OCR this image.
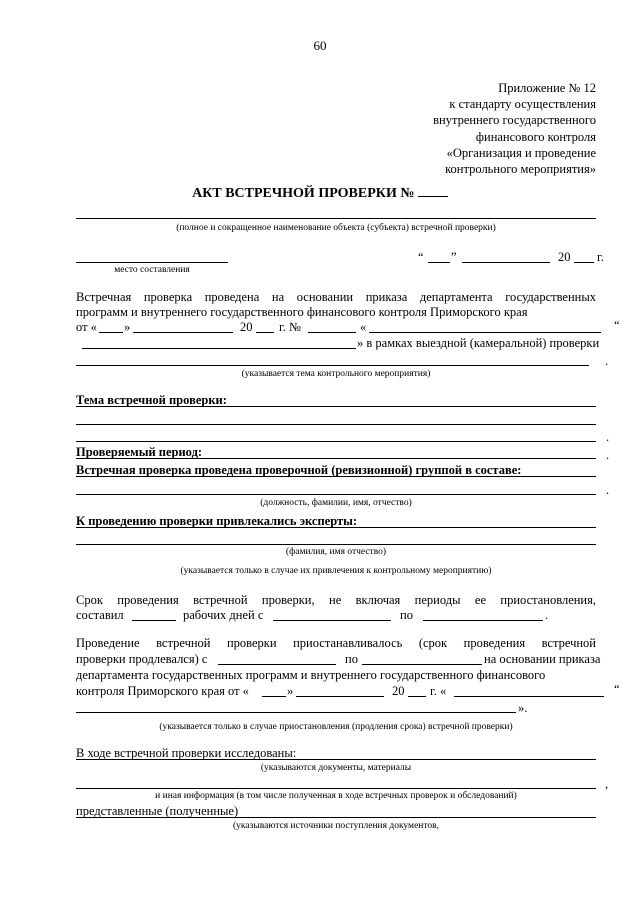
60
Приложение № 12
к стандарту осуществления
внутреннего государственного
финансового контроля
«Организация и проведение
контрольного мероприятия»
АКТ ВСТРЕЧНОЙ ПРОВЕРКИ №
(полное и сокращенное наименование объекта (субъекта) встречной проверки)
“ ”	20 г.
место составления
Встречная проверка проведена на основании приказа департамента государственных
программ и внутреннего государственного финансового контроля Приморского края
от « »	20 г. №	«	“
» в рамках выездной (камеральной) проверки
.
(указывается тема контрольного мероприятия)
Тема встречной проверки:
.
Проверяемый период:	.
Встречная проверка проведена проверочной (ревизионной) группой в составе:
.
(должность, фамилии, имя, отчество)
К проведению проверки привлекались эксперты:
(фамилия, имя отчество)
(указывается только в случае их привлечения к контрольному мероприятию)
Срок проведения встречной проверки, не включая периоды ее приостановления,
составил	рабочих дней с	по	.
Проведение встречной проверки приостанавливалось (срок проведения встречной
проверки продлевался) с	по	на основании приказа
департамента государственных программ и внутреннего государственного финансового
контроля Приморского края от «	»	20 г. «	“
».
(указывается только в случае приостановления (продления срока) встречной проверки)
В ходе встречной проверки исследованы:
(указываются документы, материалы
,
и иная информация (в том числе полученная в ходе встречных проверок и обследований)
представленные (полученные)
(указываются источники поступления документов,
